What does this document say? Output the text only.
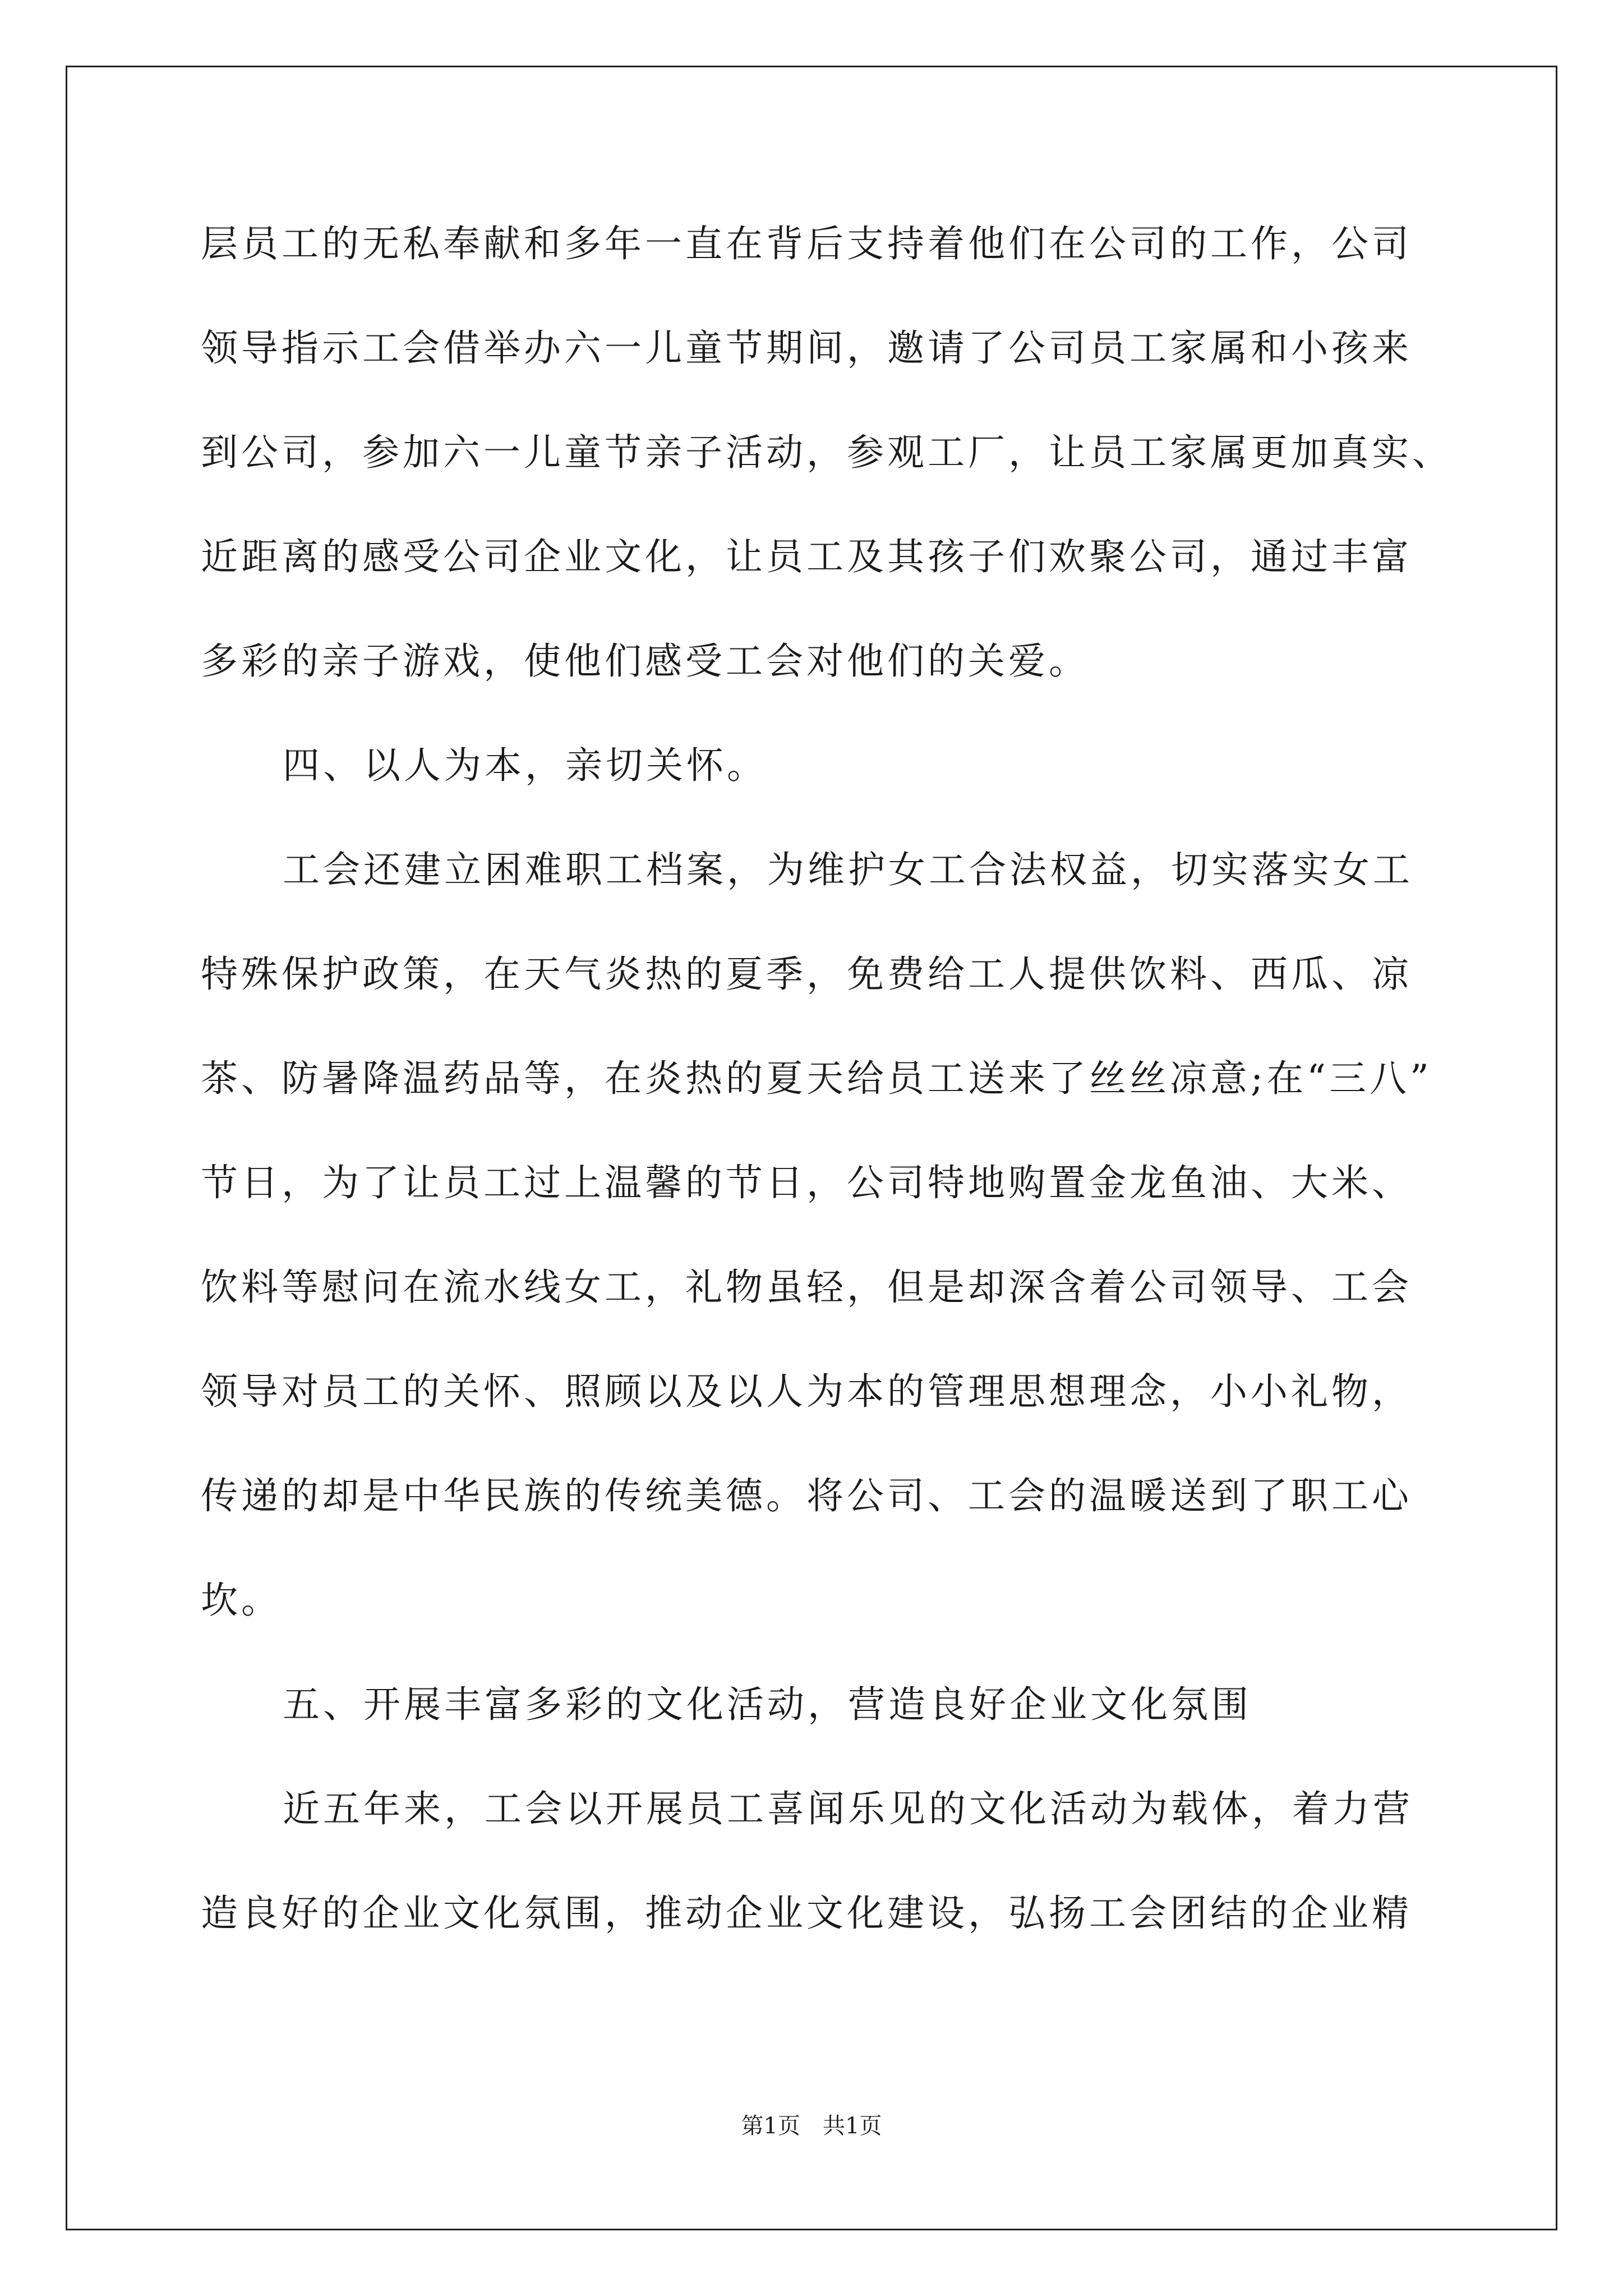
层员工的无私奉献和多年一直在背后支持着他们在公司的工作，公司
领导指示工会借举办六一儿童节期间，邀请了公司员工家属和小孩来
到公司，参加六一儿童节亲子活动，参观工厂，让员工家属更加真实、
近距离的感受公司企业文化，让员工及其孩子们欢聚公司，通过丰富
多彩的亲子游戏，使他们感受工会对他们的关爱。
四、以人为本，亲切关怀。
工会还建立困难职工档案，为维护女工合法权益，切实落实女工
特殊保护政策，在天气炎热的夏季，免费给工人提供饮料、西瓜、凉
茶、防暑降温药品等，在炎热的夏天给员工送来了丝丝凉意;在“三八”
节日，为了让员工过上温馨的节日，公司特地购置金龙鱼油、大米、
饮料等慰问在流水线女工，礼物虽轻，但是却深含着公司领导、工会
领导对员工的关怀、照顾以及以人为本的管理思想理念，小小礼物，
传递的却是中华民族的传统美德。将公司、工会的温暖送到了职工心
坎。
五、开展丰富多彩的文化活动，营造良好企业文化氛围
近五年来，工会以开展员工喜闻乐见的文化活动为载体，着力营
造良好的企业文化氛围，推动企业文化建设，弘扬工会团结的企业精
第1页 共1页
